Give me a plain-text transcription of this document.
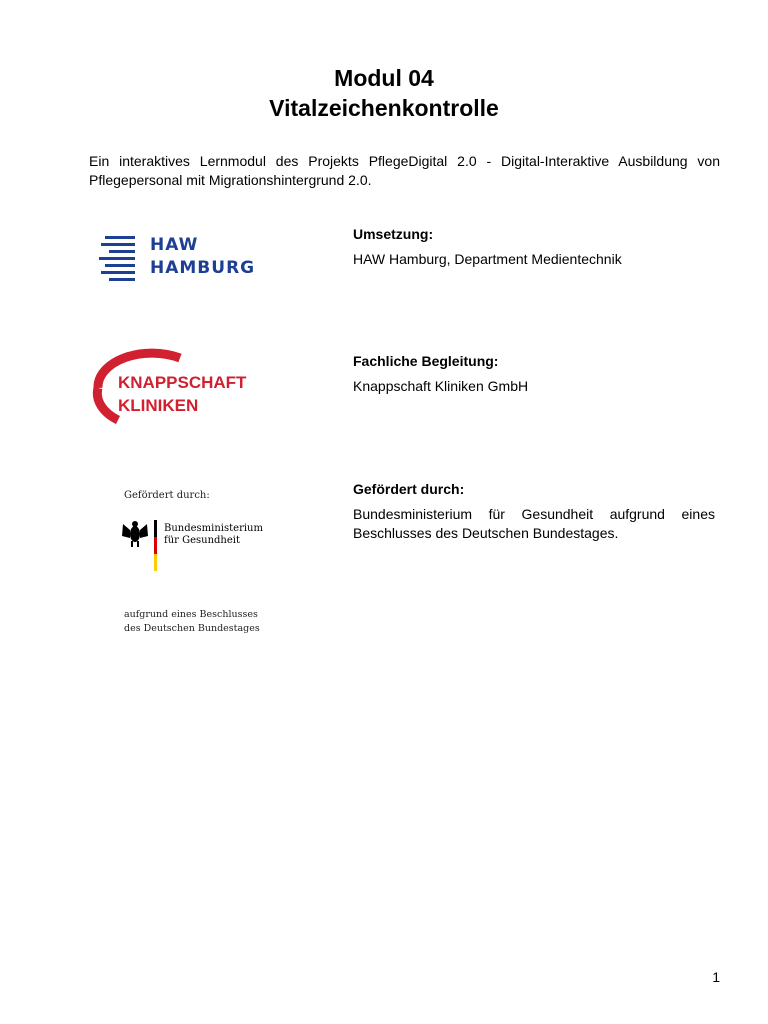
Modul 04
Vitalzeichenkontrolle
Ein interaktives Lernmodul des Projekts PflegeDigital 2.0 - Digital-Interaktive Ausbildung von Pflegepersonal mit Migrationshintergrund 2.0.
HAW
HAMBURG
Umsetzung:
HAW Hamburg, Department Medientechnik
KNAPPSCHAFT
KLINIKEN
Fachliche Begleitung:
Knappschaft Kliniken GmbH
Gefördert durch:
Bundesministerium
für Gesundheit
aufgrund eines Beschlusses
des Deutschen Bundestages
Gefördert durch:
Bundesministerium für Gesundheit aufgrund eines Beschlusses des Deutschen Bundestages.
1
